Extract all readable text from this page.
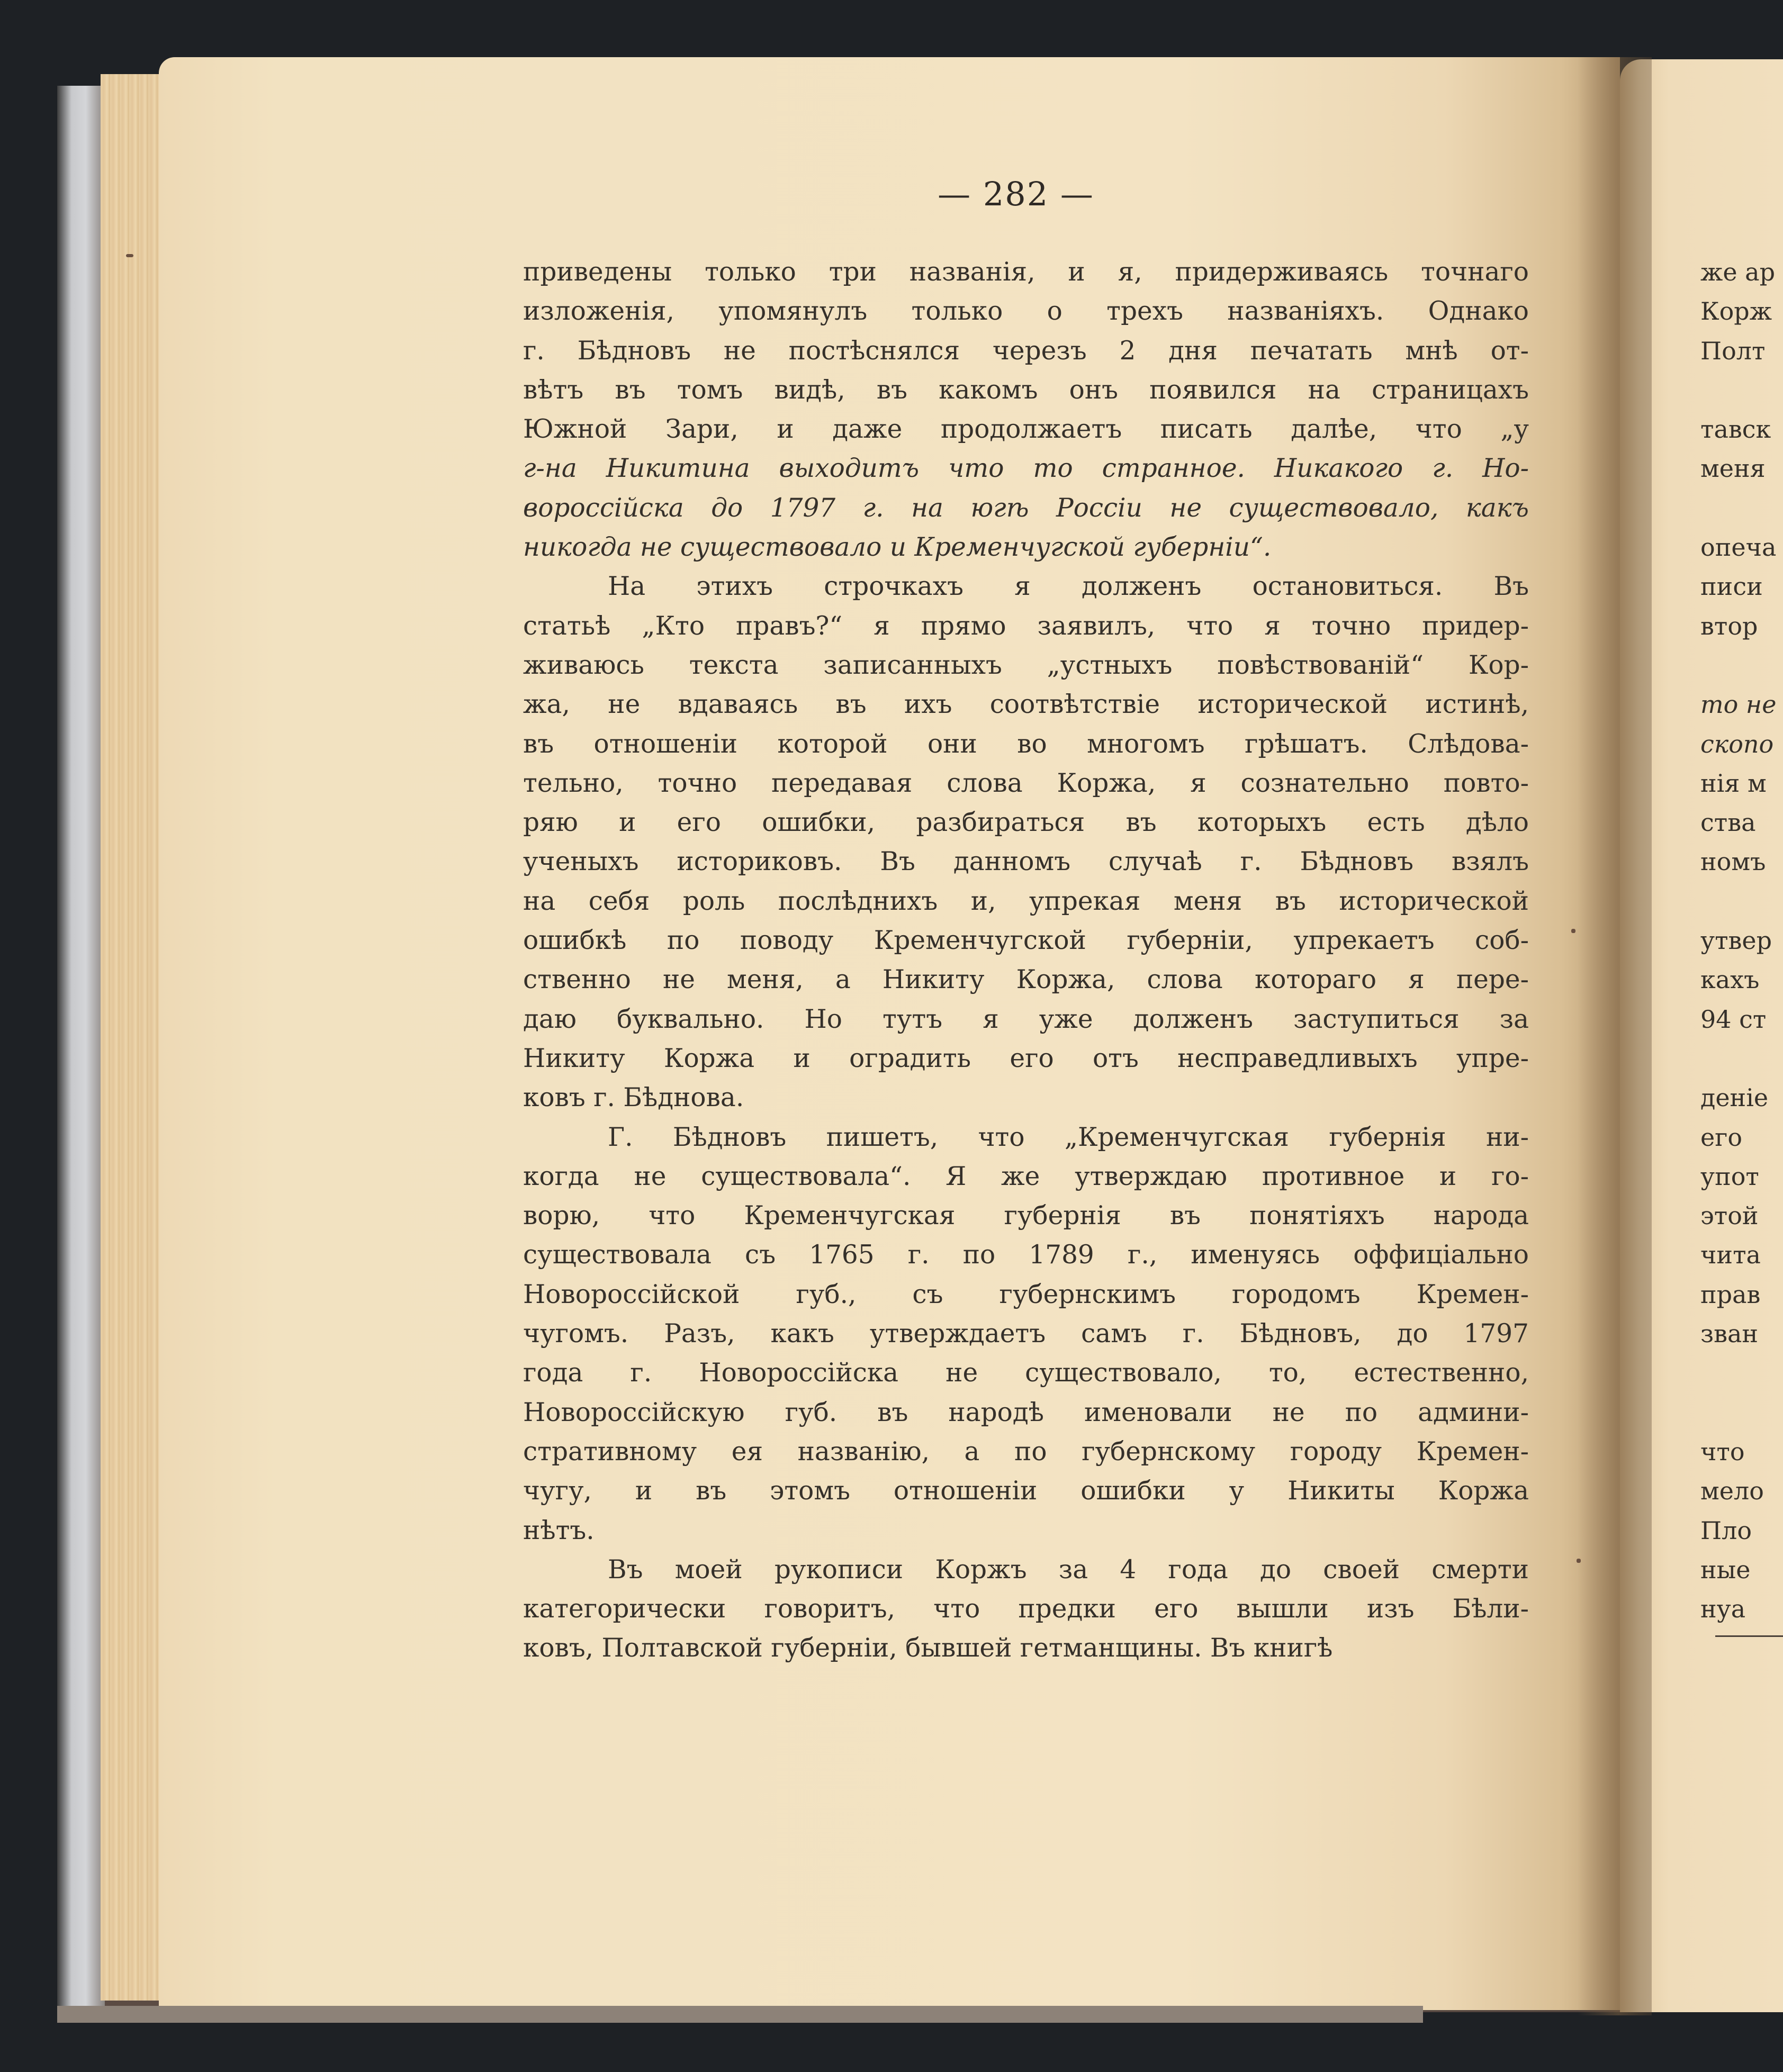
— 282 —
приведены только три названія, и я, придерживаясь точнаго
изложенія, упомянулъ только о трехъ названіяхъ. Однако
г. Бѣдновъ не постѣснялся черезъ 2 дня печатать мнѣ от-
вѣтъ въ томъ видѣ, въ какомъ онъ появился на страницахъ
Южной Зари, и даже продолжаетъ писать далѣе, что „у
г-на Никитина выходитъ что то странное. Никакого г. Но-
вороссійска до 1797 г. на югѣ Россіи не существовало, какъ
никогда не существовало и Кременчугской губерніи“.
На этихъ строчкахъ я долженъ остановиться. Въ
статьѣ „Кто правъ?“ я прямо заявилъ, что я точно придер-
живаюсь текста записанныхъ „устныхъ повѣствованій“ Кор-
жа, не вдаваясь въ ихъ соотвѣтствіе исторической истинѣ,
въ отношеніи которой они во многомъ грѣшатъ. Слѣдова-
тельно, точно передавая слова Коржа, я сознательно повто-
ряю и его ошибки, разбираться въ которыхъ есть дѣло
ученыхъ историковъ. Въ данномъ случаѣ г. Бѣдновъ взялъ
на себя роль послѣднихъ и, упрекая меня въ исторической
ошибкѣ по поводу Кременчугской губерніи, упрекаетъ соб-
ственно не меня, а Никиту Коржа, слова котораго я пере-
даю буквально. Но тутъ я уже долженъ заступиться за
Никиту Коржа и оградить его отъ несправедливыхъ упре-
ковъ г. Бѣднова.
Г. Бѣдновъ пишетъ, что „Кременчугская губернія ни-
когда не существовала“. Я же утверждаю противное и го-
ворю, что Кременчугская губернія въ понятіяхъ народа
существовала съ 1765 г. по 1789 г., именуясь оффиціально
Новороссійской губ., съ губернскимъ городомъ Кремен-
чугомъ. Разъ, какъ утверждаетъ самъ г. Бѣдновъ, до 1797
года г. Новороссійска не существовало, то, естественно,
Новороссійскую губ. въ народѣ именовали не по админи-
стративному ея названію, а по губернскому городу Кремен-
чугу, и въ этомъ отношеніи ошибки у Никиты Коржа
нѣтъ.
Въ моей рукописи Коржъ за 4 года до своей смерти
категорически говоритъ, что предки его вышли изъ Бѣли-
ковъ, Полтавской губерніи, бывшей гетманщины. Въ книгѣ
же ар
Корж
Полт
тавск
меня
опеча
писи
втор
то не
скопо
нія м
ства
номъ
утвер
кахъ
94 ст
деніе
его
упот
этой
чита
прав
зван
что
мело
Пло
ные
нуа
